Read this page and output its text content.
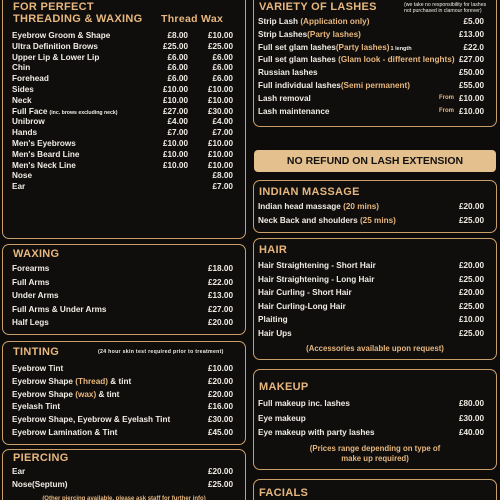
FOR PERFECT
THREADING & WAXING Thread Wax
Eyebrow Groom & Shape	£8.00 £10.00
Ultra Definition Brows	£25.00 £25.00
Upper Lip & Lower Lip	£6.00	£6.00
Chin	£6.00	£6.00
Forehead	£6.00	£6.00
Sides	£10.00 £10.00
Neck	£10.00 £10.00
Full Face (inc. brows excluding neck)	£27.00 £30.00
Unibrow	£4.00	£4.00
Hands	£7.00	£7.00
Men's Eyebrows	£10.00 £10.00
Men's Beard Line	£10.00 £10.00
Men's Neck Line	£10.00 £10.00
Nose	£8.00
Ear	£7.00
WAXING
Forearms	£18.00
Full Arms	£22.00
Under Arms	£13.00
Full Arms & Under Arms	£27.00
Half Legs	£20.00
TINTING	(24 hour skin test required prior to treatment)
Eyebrow Tint	£10.00
Eyebrow Shape (Thread) & tint	£20.00
Eyebrow Shape (wax) & tint	£20.00
Eyelash Tint	£16.00
Eyebrow Shape, Eyebrow & Eyelash Tint	£30.00
Eyebrow Lamination & Tint	£45.00
PIERCING
Ear	£20.00
Nose(Septum)	£25.00
(Other piercing available, please ask staff for further info)
VARIETY OF LASHES	(we take no responsibility for lashes
not purchased in clamour forever)
Strip Lash (Application only)	£5.00
Strip Lashes(Party lashes)	£13.00
Full set glam lashes(Party lashes)1 length	£22.0
Full set glam lashes (Glam look - different lenghts) £27.00
Russian lashes	£50.00
Full individual lashes(Semi permanent)	£55.00
Lash removal	From £10.00
Lash maintenance	From £10.00
NO REFUND ON LASH EXTENSION
INDIAN MASSAGE
Indian head massage (20 mins)	£20.00
Neck Back and shoulders (25 mins)	£25.00
HAIR
Hair Straightening - Short Hair	£20.00
Hair Straightening - Long Hair	£25.00
Hair Curling - Short Hair	£20.00
Hair Curling-Long Hair	£25.00
Plaiting	£10.00
Hair Ups	£25.00
(Accessories available upon request)
MAKEUP
Full makeup inc. lashes	£80.00
Eye makeup	£30.00
Eye makeup with party lashes	£40.00
(Prices range depending on type of
make up required)
FACIALS
